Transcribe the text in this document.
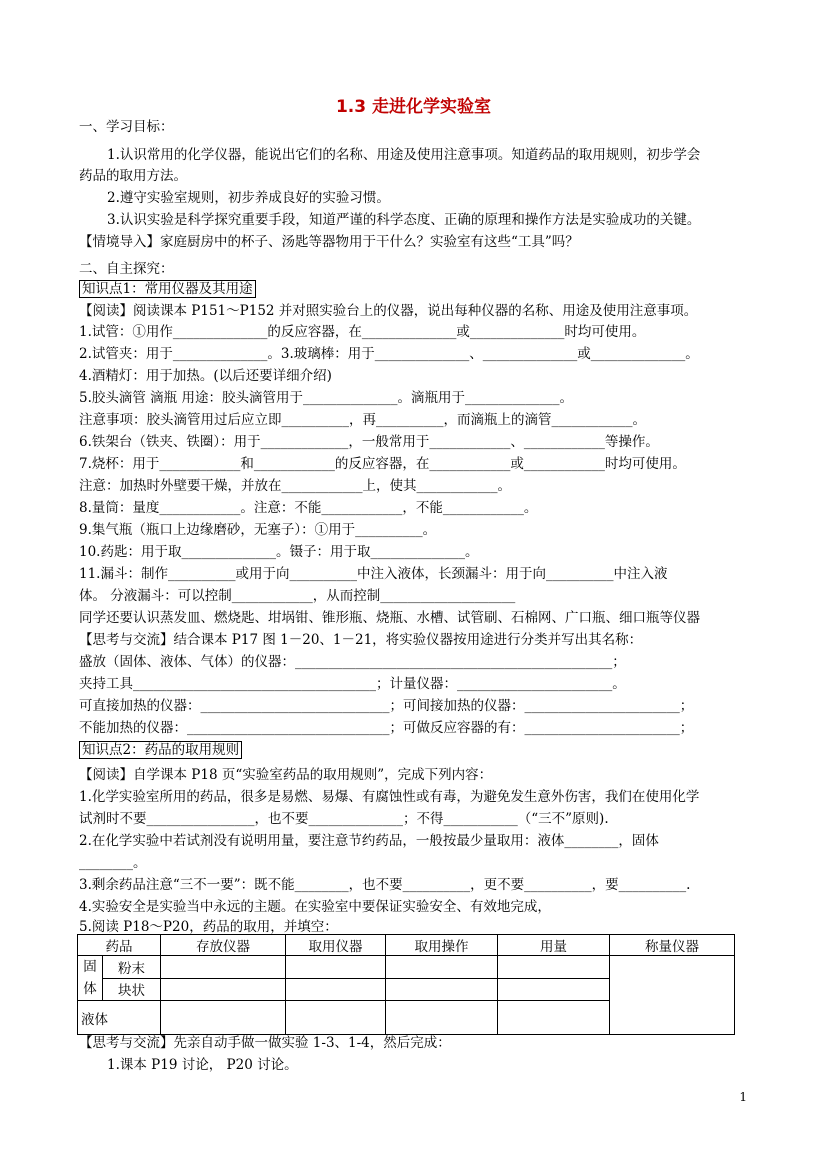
1.3 走进化学实验室
一、学习目标：
1.认识常用的化学仪器，能说出它们的名称、用途及使用注意事项。知道药品的取用规则，初步学会
药品的取用方法。
2.遵守实验室规则，初步养成良好的实验习惯。
3.认识实验是科学探究重要手段，知道严谨的科学态度、正确的原理和操作方法是实验成功的关键。
【情境导入】家庭厨房中的杯子、汤匙等器物用于干什么？实验室有这些“工具”吗？
二、自主探究：
知识点1：常用仪器及其用途
【阅读】阅读课本 P151～P152 并对照实验台上的仪器，说出每种仪器的名称、用途及使用注意事项。
1.试管：①用作______________的反应容器，在______________或______________时均可使用。
2.试管夹：用于______________。3.玻璃棒：用于______________、______________或______________。
4.酒精灯：用于加热。(以后还要详细介绍)
5.胶头滴管 滴瓶 用途：胶头滴管用于______________。滴瓶用于______________。
注意事项：胶头滴管用过后应立即__________，再__________，而滴瓶上的滴管____________。
6.铁架台（铁夹、铁圈）：用于_____________，一般常用于____________、____________等操作。
7.烧杯：用于____________和____________的反应容器，在____________或____________时均可使用。
注意：加热时外壁要干燥，并放在____________上，使其____________。
8.量筒：量度____________。注意：不能____________，不能____________。
9.集气瓶（瓶口上边缘磨砂，无塞子）：①用于__________。
10.药匙：用于取______________。镊子：用于取______________。
11.漏斗：制作__________或用于向__________中注入液体，长颈漏斗：用于向__________中注入液
体。 分液漏斗：可以控制____________，从而控制____________________
同学还要认识蒸发皿、燃烧匙、坩埚钳、锥形瓶、烧瓶、水槽、试管刷、石棉网、广口瓶、细口瓶等仪器
【思考与交流】结合课本 P17 图 1－20、1－21，将实验仪器按用途进行分类并写出其名称：
盛放（固体、液体、气体）的仪器：_______________________________________________；
夹持工具____________________________________；计量仪器：_______________________。
可直接加热的仪器：____________________________；可间接加热的仪器：_______________________；
不能加热的仪器：______________________________；可做反应容器的有：_______________________；
知识点2：药品的取用规则
【阅读】自学课本 P18 页“实验室药品的取用规则”，完成下列内容：
1.化学实验室所用的药品，很多是易燃、易爆、有腐蚀性或有毒，为避免发生意外伤害，我们在使用化学
试剂时不要________________，也不要______________；不得___________（“三不”原则).
2.在化学实验中若试剂没有说明用量，要注意节约药品，一般按最少量取用：液体________，固体
________。
3.剩余药品注意“三不一要”：既不能________，也不要__________，更不要__________，要__________.
4.实验安全是实验当中永远的主题。在实验室中要保证实验安全、有效地完成，
5.阅读 P18～P20，药品的取用，并填空：
【思考与交流】先亲自动手做一做实验 1-3、1-4，然后完成：
1.课本 P19 讨论， P20 讨论。
药品		存放仪器	取用仪器	取用操作	用量	称量仪器
固
体	粉末					
	块状					
液体						
1
